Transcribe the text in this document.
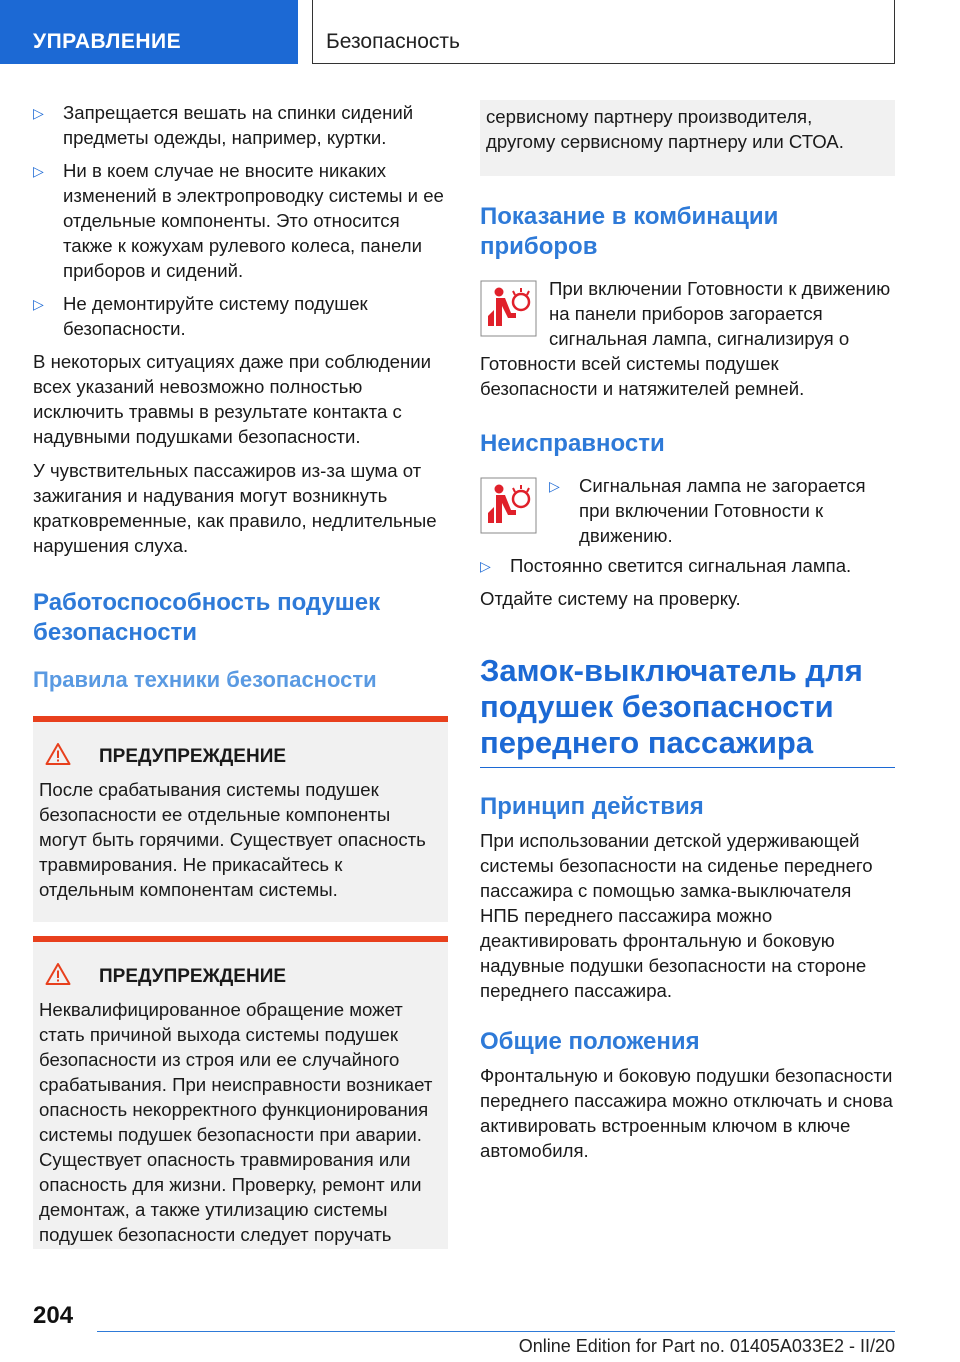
УПРАВЛЕНИЕ	Безопасность
▷ Запрещается вешать на спинки сидений предметы одежды, например, куртки.
▷ Ни в коем случае не вносите никаких изменений в электропроводку системы и ее отдельные компоненты. Это относится также к кожухам рулевого колеса, панели приборов и сидений.
▷ Не демонтируйте систему подушек безопасности.

В некоторых ситуациях даже при соблюдении всех указаний невозможно полностью исключить травмы в результате контакта с надувными подушками безопасности.

У чувствительных пассажиров из-за шума от зажигания и надувания могут возникнуть кратковременные, как правило, недлительные нарушения слуха.

Работоспособность подушек безопасности
Правила техники безопасности
ПРЕДУПРЕЖДЕНИЕ

После срабатывания системы подушек безопасности ее отдельные компоненты могут быть горячими. Существует опасность травмирования. Не прикасайтесь к отдельным компонентам системы.

ПРЕДУПРЕЖДЕНИЕ

Неквалифицированное обращение может стать причиной выхода системы подушек безопасности из строя или ее случайного срабатывания. При неисправности возникает опасность некорректного функционирования системы подушек безопасности при аварии. Существует опасность травмирования или опасность для жизни. Проверку, ремонт или демонтаж, а также утилизацию системы подушек безопасности следует поручать

сервисному партнеру производителя, другому сервисному партнеру или СТОА.

Показание в комбинации приборов

При включении Готовности к движению на панели приборов загорается сигнальная лампа, сигнализируя о Готовности всей системы подушек безопасности и натяжителей ремней.

Неисправности
▷ Сигнальная лампа не загорается при включении Готовности к движению.
▷ Постоянно светится сигнальная лампа.

Отдайте систему на проверку.

Замок-выключатель для подушек безопасности переднего пассажира
Принцип действия

При использовании детской удерживающей системы безопасности на сиденье переднего пассажира с помощью замка-выключателя НПБ переднего пассажира можно деактивировать фронтальную и боковую надувные подушки безопасности на стороне переднего пассажира.

Общие положения

Фронтальную и боковую подушки безопасности переднего пассажира можно отключать и снова активировать встроенным ключом в ключе автомобиля.

204
Online Edition for Part no. 01405A033E2 - II/20
